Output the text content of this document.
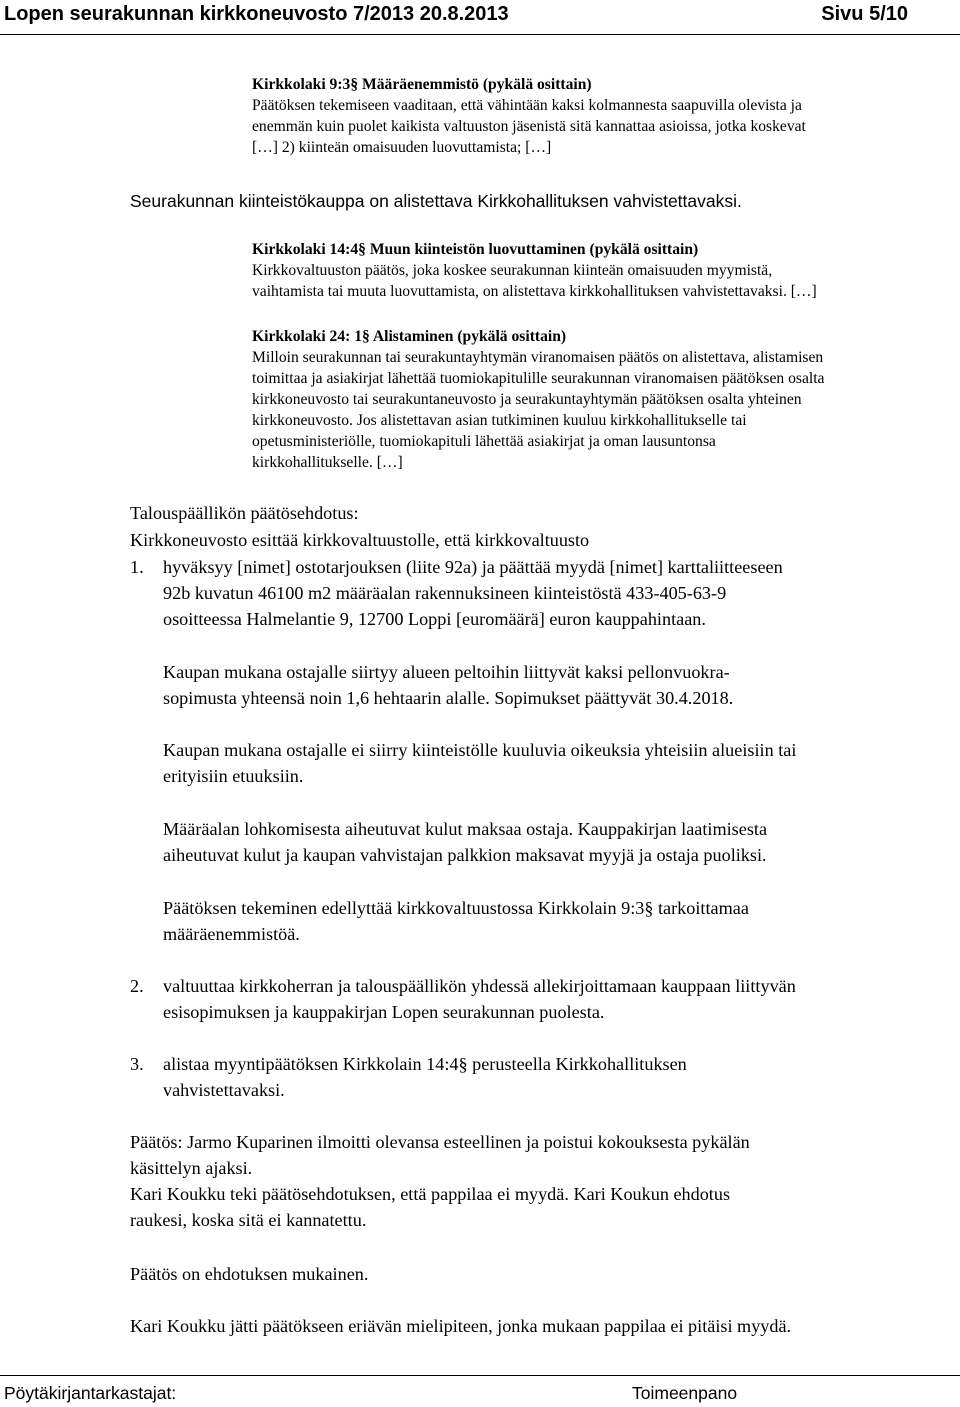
Lopen seurakunnan kirkkoneuvosto 7/2013 20.8.2013	Sivu 5/10
Kirkkolaki 9:3§ Määräenemmistö (pykälä osittain)
Päätöksen tekemiseen vaaditaan, että vähintään kaksi kolmannesta saapuvilla olevista ja
enemmän kuin puolet kaikista valtuuston jäsenistä sitä kannattaa asioissa, jotka koskevat
[…] 2) kiinteän omaisuuden luovuttamista; […]
Seurakunnan kiinteistökauppa on alistettava Kirkkohallituksen vahvistettavaksi.
Kirkkolaki 14:4§ Muun kiinteistön luovuttaminen (pykälä osittain)
Kirkkovaltuuston päätös, joka koskee seurakunnan kiinteän omaisuuden myymistä,
vaihtamista tai muuta luovuttamista, on alistettava kirkkohallituksen vahvistettavaksi. […]
Kirkkolaki 24: 1§ Alistaminen (pykälä osittain)
Milloin seurakunnan tai seurakuntayhtymän viranomaisen päätös on alistettava, alistamisen
toimittaa ja asiakirjat lähettää tuomiokapitulille seurakunnan viranomaisen päätöksen osalta
kirkkoneuvosto tai seurakuntaneuvosto ja seurakuntayhtymän päätöksen osalta yhteinen
kirkkoneuvosto. Jos alistettavan asian tutkiminen kuuluu kirkkohallitukselle tai
opetusministeriölle, tuomiokapituli lähettää asiakirjat ja oman lausuntonsa
kirkkohallitukselle. […]
Talouspäällikön päätösehdotus:
Kirkkoneuvosto esittää kirkkovaltuustolle, että kirkkovaltuusto
1.	hyväksyy [nimet] ostotarjouksen (liite 92a) ja päättää myydä [nimet] karttaliitteeseen
92b kuvatun 46100 m2 määräalan rakennuksineen kiinteistöstä 433-405-63-9
osoitteessa Halmelantie 9, 12700 Loppi [euromäärä] euron kauppahintaan.
Kaupan mukana ostajalle siirtyy alueen peltoihin liittyvät kaksi pellonvuokra-
sopimusta yhteensä noin 1,6 hehtaarin alalle. Sopimukset päättyvät 30.4.2018.
Kaupan mukana ostajalle ei siirry kiinteistölle kuuluvia oikeuksia yhteisiin alueisiin tai
erityisiin etuuksiin.
Määräalan lohkomisesta aiheutuvat kulut maksaa ostaja. Kauppakirjan laatimisesta
aiheutuvat kulut ja kaupan vahvistajan palkkion maksavat myyjä ja ostaja puoliksi.
Päätöksen tekeminen edellyttää kirkkovaltuustossa Kirkkolain 9:3§ tarkoittamaa
määräenemmistöä.
2.	valtuuttaa kirkkoherran ja talouspäällikön yhdessä allekirjoittamaan kauppaan liittyvän
esisopimuksen ja kauppakirjan Lopen seurakunnan puolesta.
3.	alistaa myyntipäätöksen Kirkkolain 14:4§ perusteella Kirkkohallituksen
vahvistettavaksi.
Päätös: Jarmo Kuparinen ilmoitti olevansa esteellinen ja poistui kokouksesta pykälän
käsittelyn ajaksi.
Kari Koukku teki päätösehdotuksen, että pappilaa ei myydä. Kari Koukun ehdotus
raukesi, koska sitä ei kannatettu.
Päätös on ehdotuksen mukainen.
Kari Koukku jätti päätökseen eriävän mielipiteen, jonka mukaan pappilaa ei pitäisi myydä.
Pöytäkirjantarkastajat:	Toimeenpano
